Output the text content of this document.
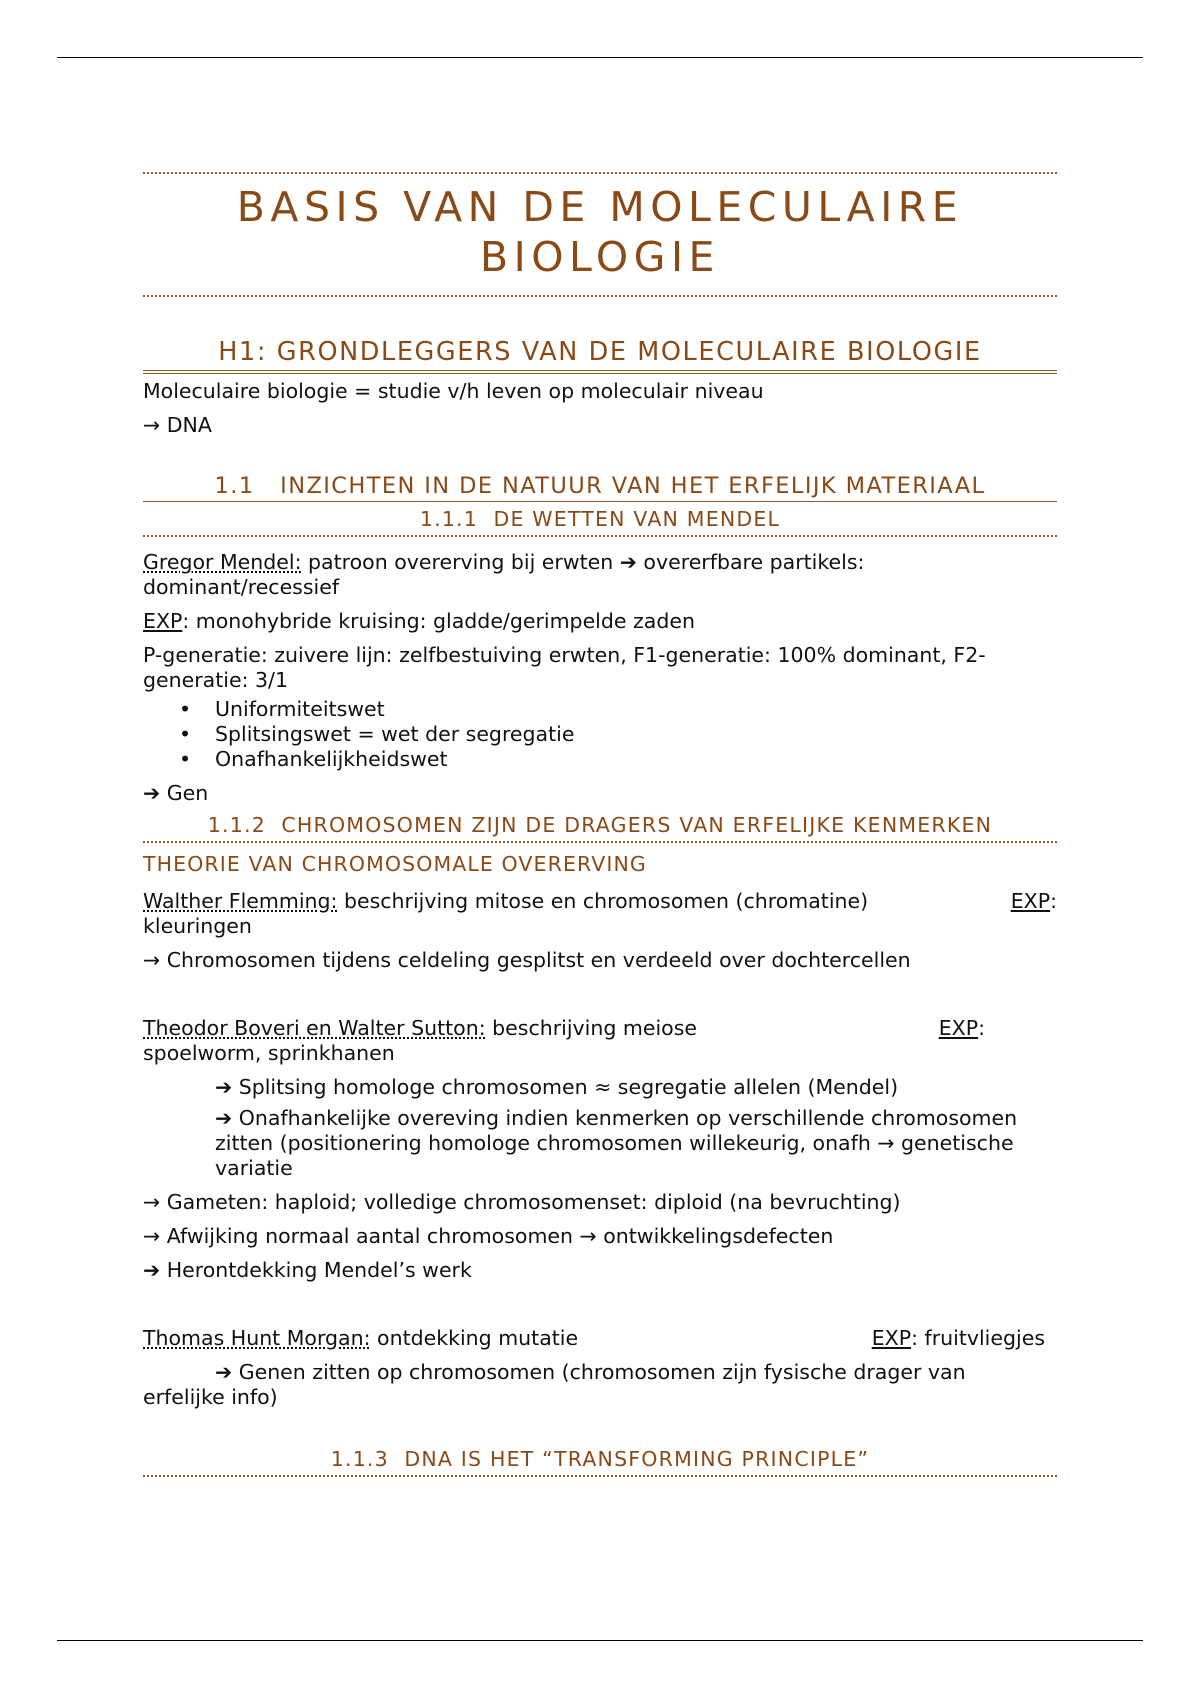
BASIS VAN DE MOLECULAIRE
BIOLOGIE
H1: GRONDLEGGERS VAN DE MOLECULAIRE BIOLOGIE

Moleculaire biologie = studie v/h leven op moleculair niveau

→ DNA

1.1   INZICHTEN IN DE NATUUR VAN HET ERFELIJK MATERIAAL
1.1.1  DE WETTEN VAN MENDEL

Gregor Mendel: patroon overerving bij erwten ➔ overerfbare partikels: dominant/recessief

EXP: monohybride kruising: gladde/gerimpelde zaden

P-generatie: zuivere lijn: zelfbestuiving erwten, F1-generatie: 100% dominant, F2-generatie: 3/1

• Uniformiteitswet
• Splitsingswet = wet der segregatie
• Onafhankelijkheidswet

➔ Gen

1.1.2  CHROMOSOMEN ZIJN DE DRAGERS VAN ERFELIJKE KENMERKEN
THEORIE VAN CHROMOSOMALE OVERERVING

Walther Flemming: beschrijving mitose en chromosomen (chromatine)	EXP:

kleuringen

→ Chromosomen tijdens celdeling gesplitst en verdeeld over dochtercellen

Theodor Boveri en Walter Sutton: beschrijving meiose	EXP:

spoelworm, sprinkhanen

➔ Splitsing homologe chromosomen ≈ segregatie allelen (Mendel)

➔ Onafhankelijke overeving indien kenmerken op verschillende chromosomen zitten (positionering homologe chromosomen willekeurig, onafh → genetische variatie

→ Gameten: haploid; volledige chromosomenset: diploid (na bevruchting)

→ Afwijking normaal aantal chromosomen → ontwikkelingsdefecten

➔ Herontdekking Mendel’s werk

Thomas Hunt Morgan: ontdekking mutatie	EXP: fruitvliegjes

➔ Genen zitten op chromosomen (chromosomen zijn fysische drager van

erfelijke info)

1.1.3  DNA IS HET “TRANSFORMING PRINCIPLE”
